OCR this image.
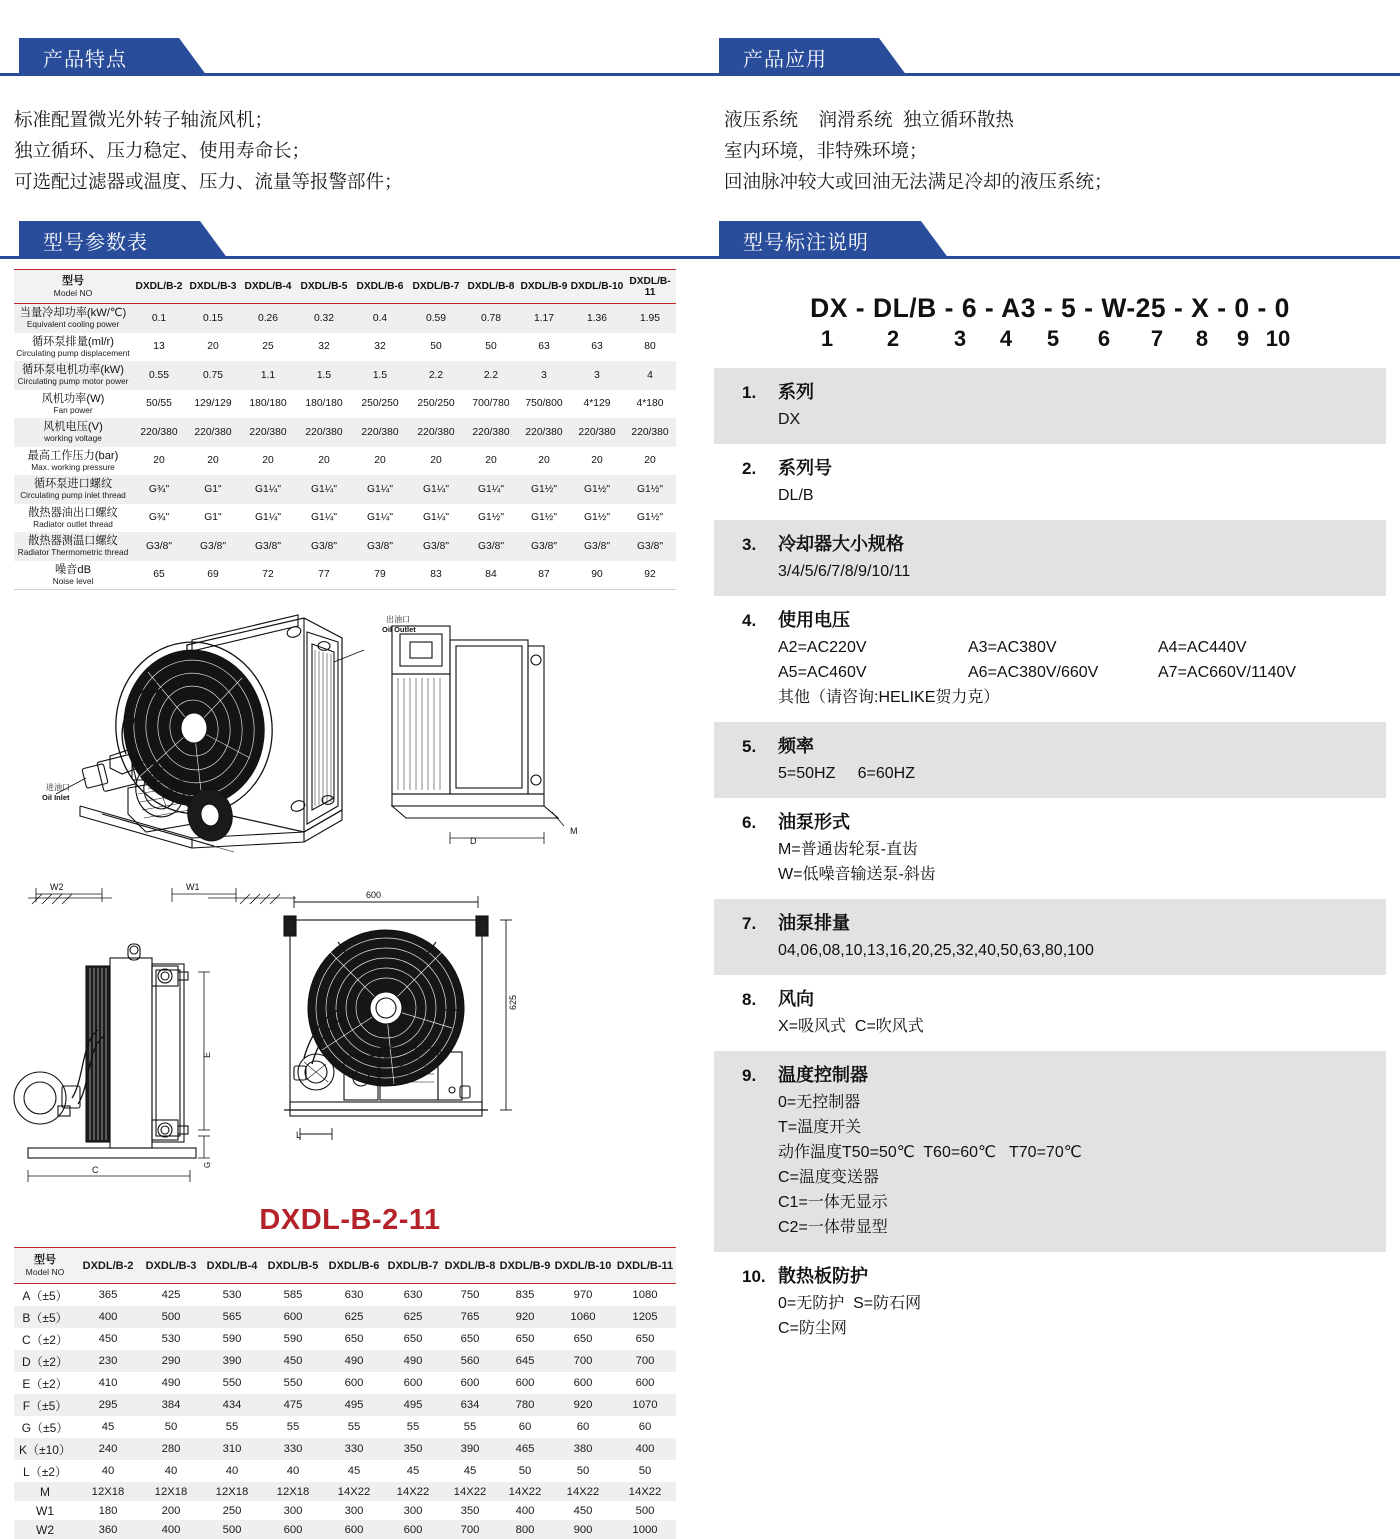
产品特点
标准配置微光外转子轴流风机；
独立循环、压力稳定、使用寿命长；
可选配过滤器或温度、压力、流量等报警部件；
型号参数表
型号
Model NO	DXDL/B-2	DXDL/B-3	DXDL/B-4	DXDL/B-5	DXDL/B-6	DXDL/B-7	DXDL/B-8	DXDL/B-9	DXDL/B-10	DXDL/B-11

当量冷却功率(kW/℃)
Equivalent cooling power	0.1	0.15	0.26	0.32	0.4	0.59	0.78	1.17	1.36	1.95

循环泵排量(ml/r)
Circulating pump displacement	13	20	25	32	32	50	50	63	63	80

循环泵电机功率(kW)
Circulating pump motor power	0.55	0.75	1.1	1.5	1.5	2.2	2.2	3	3	4

风机功率(W)
Fan power	50/55	129/129	180/180	180/180	250/250	250/250	700/780	750/800	4*129	4*180

风机电压(V)
working voltage	220/380	220/380	220/380	220/380	220/380	220/380	220/380	220/380	220/380	220/380

最高工作压力(bar)
Max. working pressure	20	20	20	20	20	20	20	20	20	20

循环泵进口螺纹
Circulating pump inlet thread	G¾"	G1"	G1¼"	G1¼"	G1¼"	G1¼"	G1¼"	G1½"	G1½"	G1½"

散热器油出口螺纹
Radiator outlet thread	G¾"	G1"	G1¼"	G1¼"	G1¼"	G1¼"	G1½"	G1½"	G1½"	G1½"

散热器测温口螺纹
Radiator Thermometric thread	G3/8"	G3/8"	G3/8"	G3/8"	G3/8"	G3/8"	G3/8"	G3/8"	G3/8"	G3/8"

噪音dB
Noise level	65	69	72	77	79	83	84	87	90	92
出油口
Oil Outlet
进油口
Oil Inlet
D
M
W2	W1
E
G
C
600
625
L
DXDL-B-2-11
型号
Model NO	DXDL/B-2	DXDL/B-3	DXDL/B-4	DXDL/B-5	DXDL/B-6	DXDL/B-7	DXDL/B-8	DXDL/B-9	DXDL/B-10	DXDL/B-11
A（±5）	365	425	530	585	630	630	750	835	970	1080
B（±5）	400	500	565	600	625	625	765	920	1060	1205
C（±2）	450	530	590	590	650	650	650	650	650	650
D（±2）	230	290	390	450	490	490	560	645	700	700
E（±2）	410	490	550	550	600	600	600	600	600	600
F（±5）	295	384	434	475	495	495	634	780	920	1070
G（±5）	45	50	55	55	55	55	55	60	60	60
K（±10）	240	280	310	330	330	350	390	465	380	400
L（±2）	40	40	40	40	45	45	45	50	50	50
M	12X18	12X18	12X18	12X18	14X22	14X22	14X22	14X22	14X22	14X22
W1	180	200	250	300	300	300	350	400	450	500
W2	360	400	500	600	600	600	700	800	900	1000
产品应用
液压系统    润滑系统  独立循环散热
室内环境，非特殊环境；
回油脉冲较大或回油无法满足冷却的液压系统；
型号标注说明
DX - DL/B - 6 - A3 - 5 - W-25 - X - 0 - 0
1	2	3	4	5	6	7	8	9 10
1.	系列
DX
2.	系列号
DL/B
3.	冷却器大小规格
3/4/5/6/7/8/9/10/11
4.	使用电压
A2=AC220V	A3=AC380V	A4=AC440V
A5=AC460V	A6=AC380V/660V	A7=AC660V/1140V
其他（请咨询:HELIKE贺力克）
5.	频率
5=50HZ     6=60HZ
6.	油泵形式
M=普通齿轮泵-直齿
W=低噪音输送泵-斜齿
7.	油泵排量
04,06,08,10,13,16,20,25,32,40,50,63,80,100
8.	风向
X=吸风式  C=吹风式
9.	温度控制器
0=无控制器
T=温度开关
动作温度T50=50℃  T60=60℃   T70=70℃
C=温度变送器
C1=一体无显示
C2=一体带显型
10. 散热板防护
0=无防护  S=防石网
C=防尘网
